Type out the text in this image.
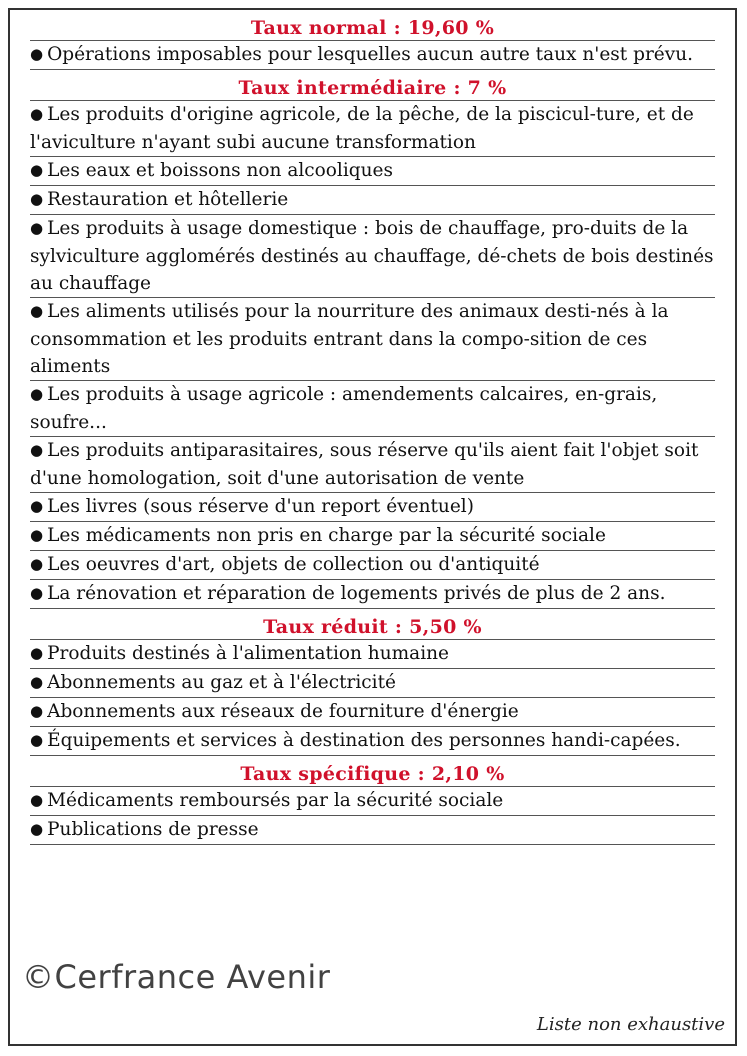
Taux normal : 19,60 %
● Opérations imposables pour lesquelles aucun autre taux n'est prévu.
Taux intermédiaire : 7 %
● Les produits d'origine agricole, de la pêche, de la piscicul-ture, et de l'aviculture n'ayant subi aucune transformation
● Les eaux et boissons non alcooliques
● Restauration et hôtellerie
● Les produits à usage domestique : bois de chauffage, pro-duits de la sylviculture agglomérés destinés au chauffage, dé-chets de bois destinés au chauffage
● Les aliments utilisés pour la nourriture des animaux desti-nés à la consommation et les produits entrant dans la compo-sition de ces aliments
● Les produits à usage agricole : amendements calcaires, en-grais, soufre...
● Les produits antiparasitaires, sous réserve qu'ils aient fait l'objet soit d'une homologation, soit d'une autorisation de vente
● Les livres (sous réserve d'un report éventuel)
● Les médicaments non pris en charge par la sécurité sociale
● Les oeuvres d'art, objets de collection ou d'antiquité
● La rénovation et réparation de logements privés de plus de 2 ans.
Taux réduit : 5,50 %
● Produits destinés à l'alimentation humaine
● Abonnements au gaz et à l'électricité
● Abonnements aux réseaux de fourniture d'énergie
● Équipements et services à destination des personnes handi-capées.
Taux spécifique : 2,10 %
● Médicaments remboursés par la sécurité sociale
● Publications de presse
©Cerfrance Avenir
Liste non exhaustive
